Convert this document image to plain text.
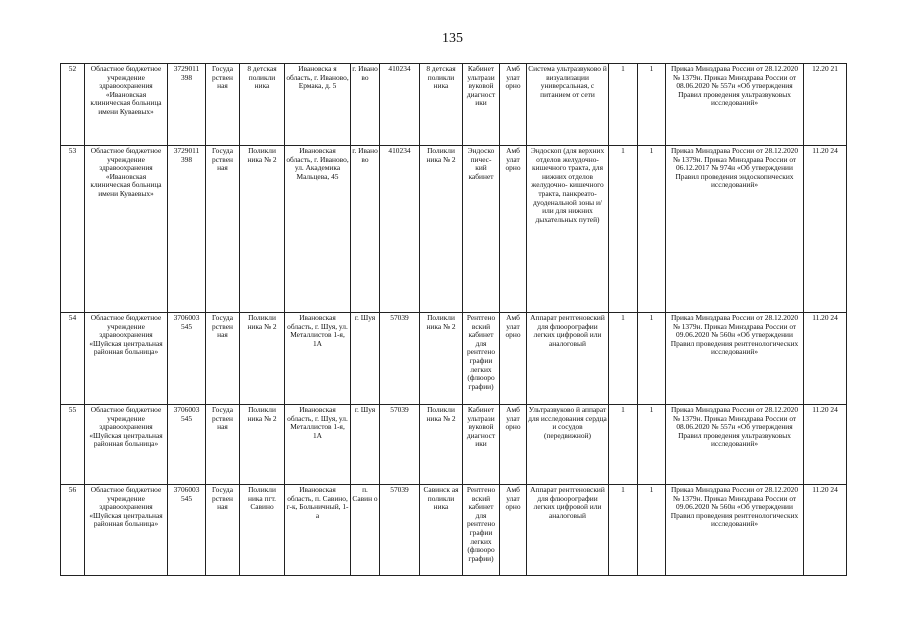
135
52	Областное бюджетное учреждение здравоохранения «Ивановская клиническая больница имени Куваевых»	3729011 398	Госуда рствен ная	8 детская поликли ника	Ивановска я область, г. Иваново, Ермака, д. 5	г. Ивано во	410234	8 детская поликли ника	Кабинет ультрази вуковой диагност ики	Амб улат орно	Система ультразвуково й визуализации универсальная, с питанием от сети	1	1	Приказ Минздрава России от 28.12.2020 № 1379н. Приказ Минздрава России от 08.06.2020 № 557н «Об утверждения Правил проведения ультразвуковых исследований»	12.20 21
53	Областное бюджетное учреждение здравоохранения «Ивановская клиническая больница имени Куваевых»	3729011 398	Госуда рствен ная	Поликли ника № 2	Ивановская область, г. Иваново, ул. Академика Мальцева, 45	г. Ивано во	410234	Поликли ника № 2	Эндоско пичес- кий кабинет	Амб улат орно	Эндоскоп (для верхних отделов желудочно- кишечного тракта, для нижних отделов желудочно- кишечного тракта, панкреато- дуоденальной зоны и/или для нижних дыхательных путей)	1	1	Приказ Минздрава России от 28.12.2020 № 1379н. Приказ Минздрава России от 06.12.2017 № 974н «Об утверждении Правил проведения эндоскопических исследований»	11.20 24
54	Областное бюджетное учреждение здравоохранения «Шуйская центральная районная больница»	3706003 545	Госуда рствен ная	Поликли ника № 2	Ивановская область, г. Шуя, ул. Металлистов 1-я, 1А	г. Шуя	57039	Поликли ника № 2	Рентгено вский кабинет для рентгено графии легких (флюоро графии)	Амб улат орно	Аппарат рентгеновский для флюорографии легких цифровой или аналоговый	1	1	Приказ Минздрава России от 28.12.2020 № 1379н. Приказ Минздрава России от 09.06.2020 № 560н «Об утверждении Правил проведения рентгенологических исследований»	11.20 24
55	Областное бюджетное учреждение здравоохранения «Шуйская центральная районная больница»	3706003 545	Госуда рствен ная	Поликли ника № 2	Ивановская область, г. Шуя, ул. Металлистов 1-я, 1А	г. Шуя	57039	Поликли ника № 2	Кабинет ультрази вуковой диагност ики	Амб улат орно	Ультразвуково й аппарат для исследования сердца и сосудов (передвижной)	1	1	Приказ Минздрава России от 28.12.2020 № 1379н. Приказ Минздрава России от 08.06.2020 № 557н «Об утверждения Правил проведения ультразвуковых исследований»	11.20 24
56	Областное бюджетное учреждение здравоохранения «Шуйская центральная районная больница»	3706003 545	Госуда рствен ная	Поликли ника пгт. Савино	Ивановская область, п. Савино, г-к, Больничный, 1-а	п. Савин о	57039	Савинск ая поликли ника	Рентгено вский кабинет для рентгено графии легких (флюоро графии)	Амб улат орно	Аппарат рентгеновский для флюорографии легких цифровой или аналоговый	1	1	Приказ Минздрава России от 28.12.2020 № 1379н. Приказ Минздрава России от 09.06.2020 № 560н «Об утверждении Правил проведения рентгенологических исследований»	11.20 24
